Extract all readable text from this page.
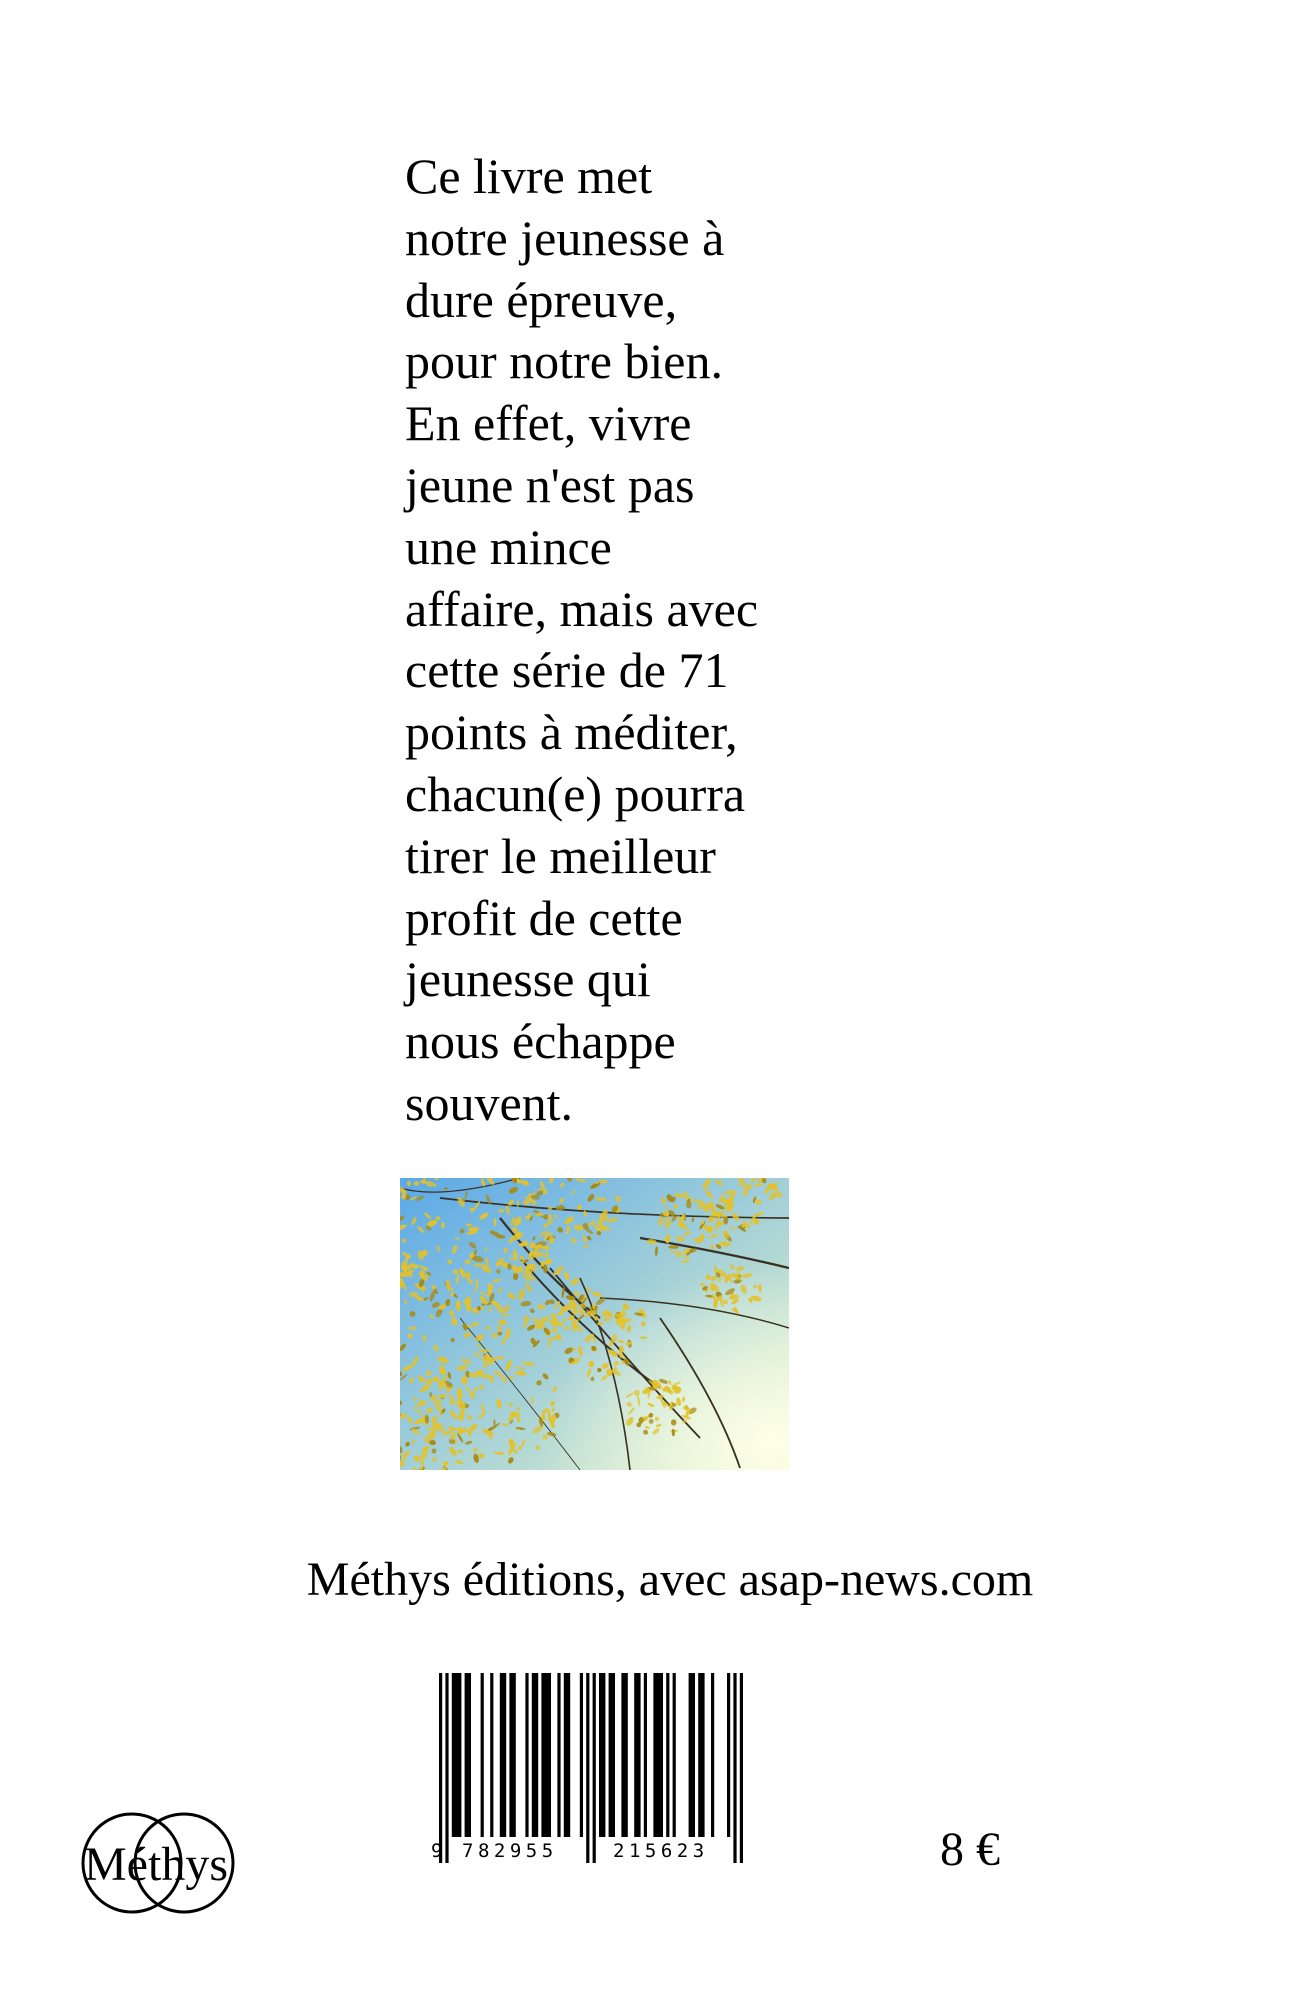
Ce livre met
notre jeunesse à
dure épreuve,
pour notre bien.
En effet, vivre
jeune n'est pas
une mince
affaire, mais avec
cette série de 71
points à méditer,
chacun(e) pourra
tirer le meilleur
profit de cette
jeunesse qui
nous échappe
souvent.
Méthys éditions, avec asap-news.com
9 782955	215623
Méthys	8 €
